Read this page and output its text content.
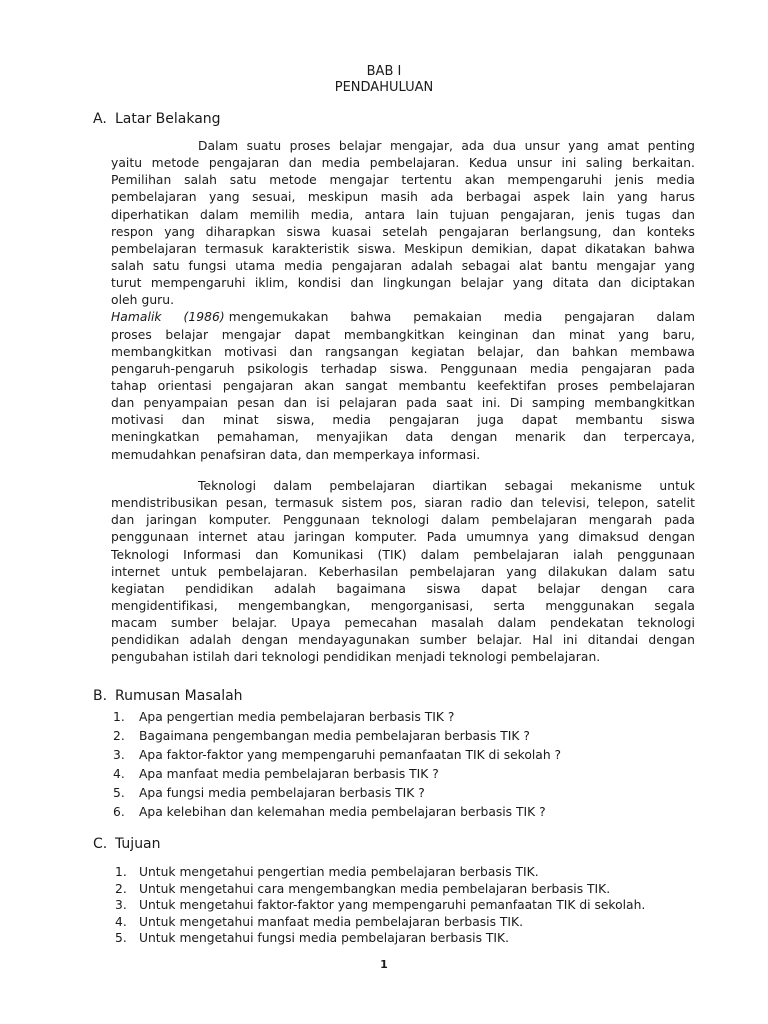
BAB I
PENDAHULUAN
A. Latar Belakang
Dalam suatu proses belajar mengajar, ada dua unsur yang amat penting
yaitu metode pengajaran dan media pembelajaran. Kedua unsur ini saling berkaitan.
Pemilihan salah satu metode mengajar tertentu akan mempengaruhi jenis media
pembelajaran yang sesuai, meskipun masih ada berbagai aspek lain yang harus
diperhatikan dalam memilih media, antara lain tujuan pengajaran, jenis tugas dan
respon yang diharapkan siswa kuasai setelah pengajaran berlangsung, dan konteks
pembelajaran termasuk karakteristik siswa. Meskipun demikian, dapat dikatakan bahwa
salah satu fungsi utama media pengajaran adalah sebagai alat bantu mengajar yang
turut mempengaruhi iklim, kondisi dan lingkungan belajar yang ditata dan diciptakan
oleh guru.
Hamalik (1986) mengemukakan bahwa pemakaian media pengajaran dalam
proses belajar mengajar dapat membangkitkan keinginan dan minat yang baru,
membangkitkan motivasi dan rangsangan kegiatan belajar, dan bahkan membawa
pengaruh-pengaruh psikologis terhadap siswa. Penggunaan media pengajaran pada
tahap orientasi pengajaran akan sangat membantu keefektifan proses pembelajaran
dan penyampaian pesan dan isi pelajaran pada saat ini. Di samping membangkitkan
motivasi dan minat siswa, media pengajaran juga dapat membantu siswa
meningkatkan pemahaman, menyajikan data dengan menarik dan terpercaya,
memudahkan penafsiran data, dan memperkaya informasi.
Teknologi dalam pembelajaran diartikan sebagai mekanisme untuk
mendistribusikan pesan, termasuk sistem pos, siaran radio dan televisi, telepon, satelit
dan jaringan komputer. Penggunaan teknologi dalam pembelajaran mengarah pada
penggunaan internet atau jaringan komputer. Pada umumnya yang dimaksud dengan
Teknologi Informasi dan Komunikasi (TIK) dalam pembelajaran ialah penggunaan
internet untuk pembelajaran. Keberhasilan pembelajaran yang dilakukan dalam satu
kegiatan pendidikan adalah bagaimana siswa dapat belajar dengan cara
mengidentifikasi, mengembangkan, mengorganisasi, serta menggunakan segala
macam sumber belajar. Upaya pemecahan masalah dalam pendekatan teknologi
pendidikan adalah dengan mendayagunakan sumber belajar. Hal ini ditandai dengan
pengubahan istilah dari teknologi pendidikan menjadi teknologi pembelajaran.
B. Rumusan Masalah
1. Apa pengertian media pembelajaran berbasis TIK ?
2. Bagaimana pengembangan media pembelajaran berbasis TIK ?
3. Apa faktor-faktor yang mempengaruhi pemanfaatan TIK di sekolah ?
4. Apa manfaat media pembelajaran berbasis TIK ?
5. Apa fungsi media pembelajaran berbasis TIK ?
6. Apa kelebihan dan kelemahan media pembelajaran berbasis TIK ?
C. Tujuan
1. Untuk mengetahui pengertian media pembelajaran berbasis TIK.
2. Untuk mengetahui cara mengembangkan media pembelajaran berbasis TIK.
3. Untuk mengetahui faktor-faktor yang mempengaruhi pemanfaatan TIK di sekolah.
4. Untuk mengetahui manfaat media pembelajaran berbasis TIK.
5. Untuk mengetahui fungsi media pembelajaran berbasis TIK.
1
